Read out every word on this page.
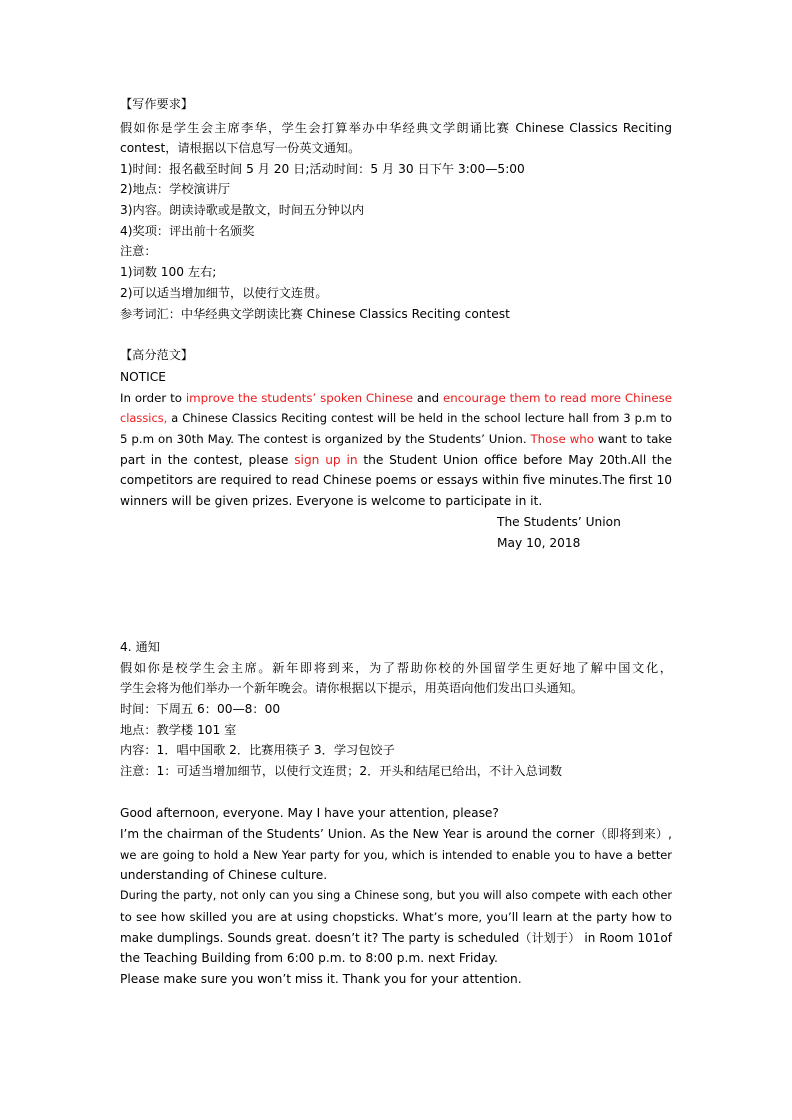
【写作要求】
假如你是学生会主席李华，学生会打算举办中华经典文学朗诵比赛 Chinese Classics Reciting
contest，请根据以下信息写一份英文通知。
1)时间：报名截至时间 5 月 20 日;活动时间：5 月 30 日下午 3:00—5:00
2)地点：学校演讲厅
3)内容。朗读诗歌或是散文，时间五分钟以内
4)奖项：评出前十名颁奖
注意：
1)词数 100 左右;
2)可以适当增加细节，以使行文连贯。
参考词汇：中华经典文学朗读比赛 Chinese Classics Reciting contest
【高分范文】
NOTICE
In order to improve the students’ spoken Chinese and encourage them to read more Chinese
classics, a Chinese Classics Reciting contest will be held in the school lecture hall from 3 p.m to
5 p.m on 30th May. The contest is organized by the Students’ Union. Those who want to take
part in the contest, please sign up in the Student Union office before May 20th.All the
competitors are required to read Chinese poems or essays within five minutes.The first 10
winners will be given prizes. Everyone is welcome to participate in it.
The Students’ Union
May 10, 2018
4. 通知
假如你是校学生会主席。新年即将到来，为了帮助你校的外国留学生更好地了解中国文化，
学生会将为他们举办一个新年晚会。请你根据以下提示，用英语向他们发出口头通知。
时间：下周五 6：00—8：00
地点：教学楼 101 室
内容：1．唱中国歌 2．比赛用筷子 3．学习包饺子
注意：1：可适当增加细节，以使行文连贯；2．开头和结尾已给出，不计入总词数
Good afternoon, everyone. May I have your attention, please?
I’m the chairman of the Students’ Union. As the New Year is around the corner（即将到来）,
we are going to hold a New Year party for you, which is intended to enable you to have a better
understanding of Chinese culture.
During the party, not only can you sing a Chinese song, but you will also compete with each other
to see how skilled you are at using chopsticks. What’s more, you’ll learn at the party how to
make dumplings. Sounds great. doesn’t it? The party is scheduled（计划于） in Room 101of
the Teaching Building from 6:00 p.m. to 8:00 p.m. next Friday.
Please make sure you won’t miss it. Thank you for your attention.
